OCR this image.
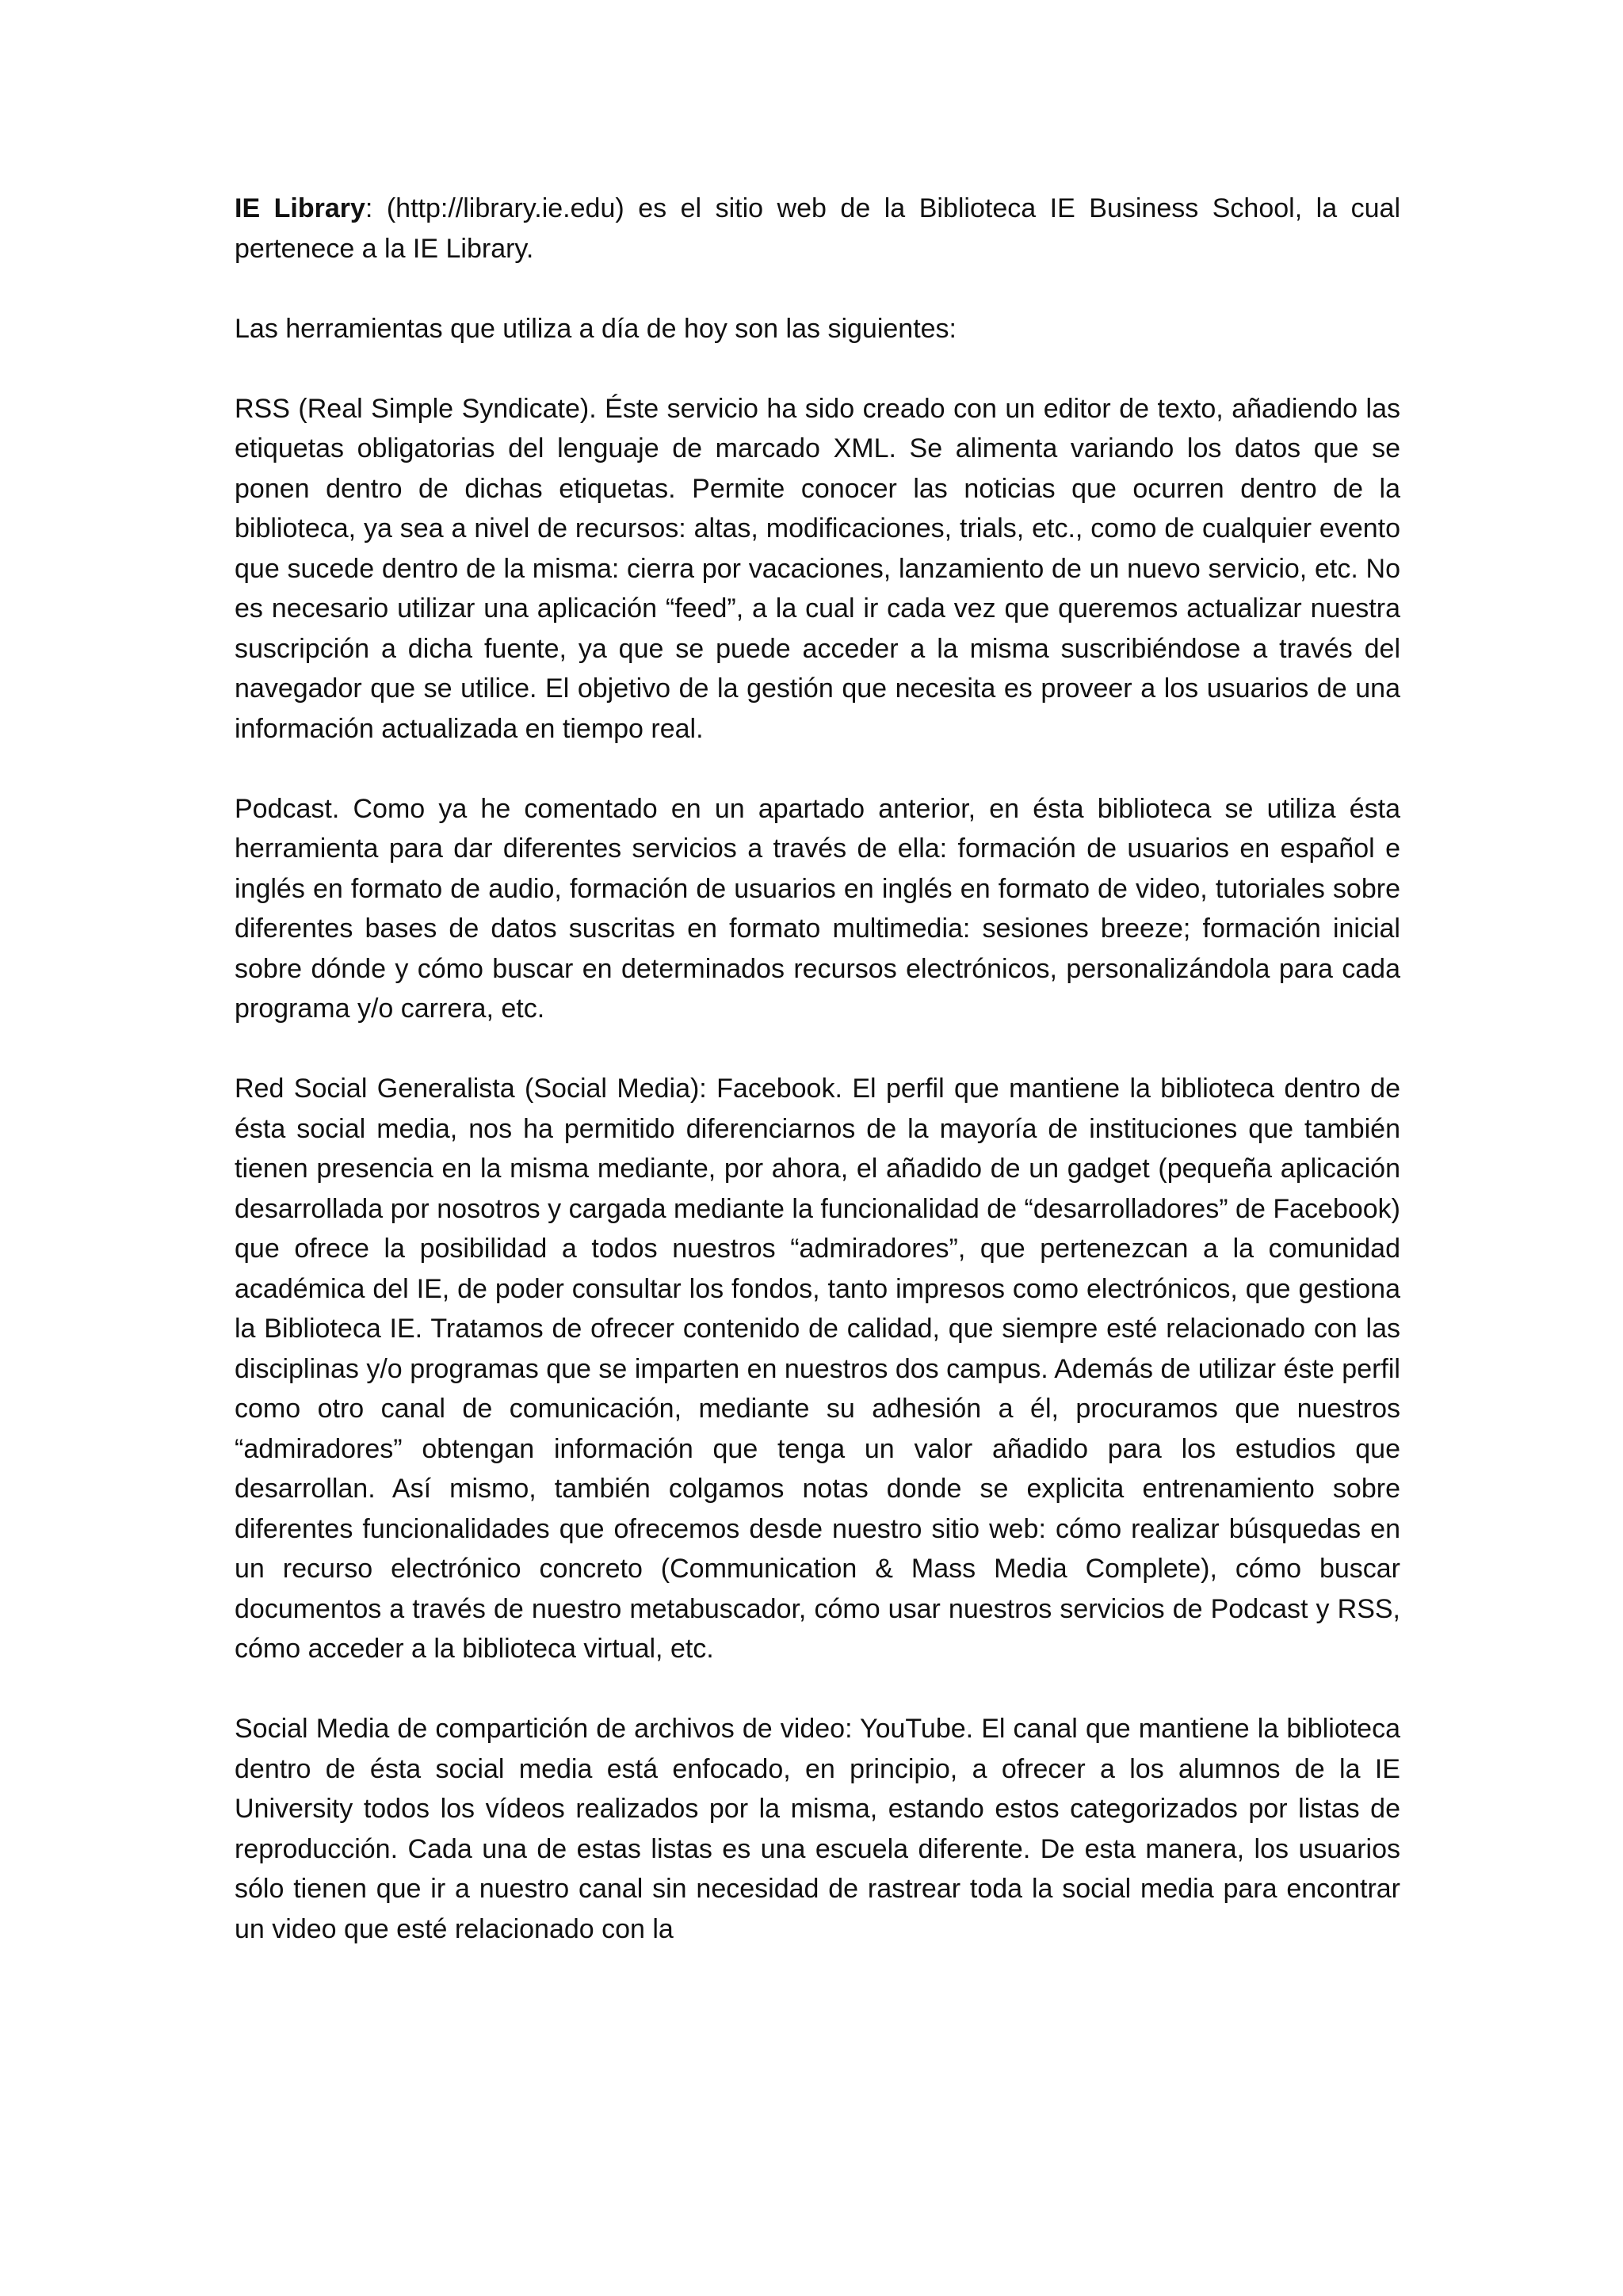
IE Library: (http://library.ie.edu) es el sitio web de la Biblioteca IE Business School, la cual pertenece a la IE Library.

Las herramientas que utiliza a día de hoy son las siguientes:

RSS (Real Simple Syndicate). Éste servicio ha sido creado con un editor de texto, añadiendo las etiquetas obligatorias del lenguaje de marcado XML. Se alimenta variando los datos que se ponen dentro de dichas etiquetas. Permite conocer las noticias que ocurren dentro de la biblioteca, ya sea a nivel de recursos: altas, modificaciones, trials, etc., como de cualquier evento que sucede dentro de la misma: cierra por vacaciones, lanzamiento de un nuevo servicio, etc. No es necesario utilizar una aplicación “feed”, a la cual ir cada vez que queremos actualizar nuestra suscripción a dicha fuente, ya que se puede acceder a la misma suscribiéndose a través del navegador que se utilice. El objetivo de la gestión que necesita es proveer a los usuarios de una información actualizada en tiempo real.

Podcast. Como ya he comentado en un apartado anterior, en ésta biblioteca se utiliza ésta herramienta para dar diferentes servicios a través de ella: formación de usuarios en español e inglés en formato de audio, formación de usuarios en inglés en formato de video, tutoriales sobre diferentes bases de datos suscritas en formato multimedia: sesiones breeze; formación inicial sobre dónde y cómo buscar en determinados recursos electrónicos, personalizándola para cada programa y/o carrera, etc.

Red Social Generalista (Social Media): Facebook. El perfil que mantiene la biblioteca dentro de ésta social media, nos ha permitido diferenciarnos de la mayoría de instituciones que también tienen presencia en la misma mediante, por ahora, el añadido de un gadget (pequeña aplicación desarrollada por nosotros y cargada mediante la funcionalidad de “desarrolladores” de Facebook) que ofrece la posibilidad a todos nuestros “admiradores”, que pertenezcan a la comunidad académica del IE, de poder consultar los fondos, tanto impresos como electrónicos, que gestiona la Biblioteca IE. Tratamos de ofrecer contenido de calidad, que siempre esté relacionado con las disciplinas y/o programas que se imparten en nuestros dos campus. Además de utilizar éste perfil como otro canal de comunicación, mediante su adhesión a él, procuramos que nuestros “admiradores” obtengan información que tenga un valor añadido para los estudios que desarrollan. Así mismo, también colgamos notas donde se explicita entrenamiento sobre diferentes funcionalidades que ofrecemos desde nuestro sitio web: cómo realizar búsquedas en un recurso electrónico concreto (Communication & Mass Media Complete), cómo buscar documentos a través de nuestro metabuscador, cómo usar nuestros servicios de Podcast y RSS, cómo acceder a la biblioteca virtual, etc.

Social Media de compartición de archivos de video: YouTube. El canal que mantiene la biblioteca dentro de ésta social media está enfocado, en principio, a ofrecer a los alumnos de la IE University todos los vídeos realizados por la misma, estando estos categorizados por listas de reproducción. Cada una de estas listas es una escuela diferente. De esta manera, los usuarios sólo tienen que ir a nuestro canal sin necesidad de rastrear toda la social media para encontrar un video que esté relacionado con la
